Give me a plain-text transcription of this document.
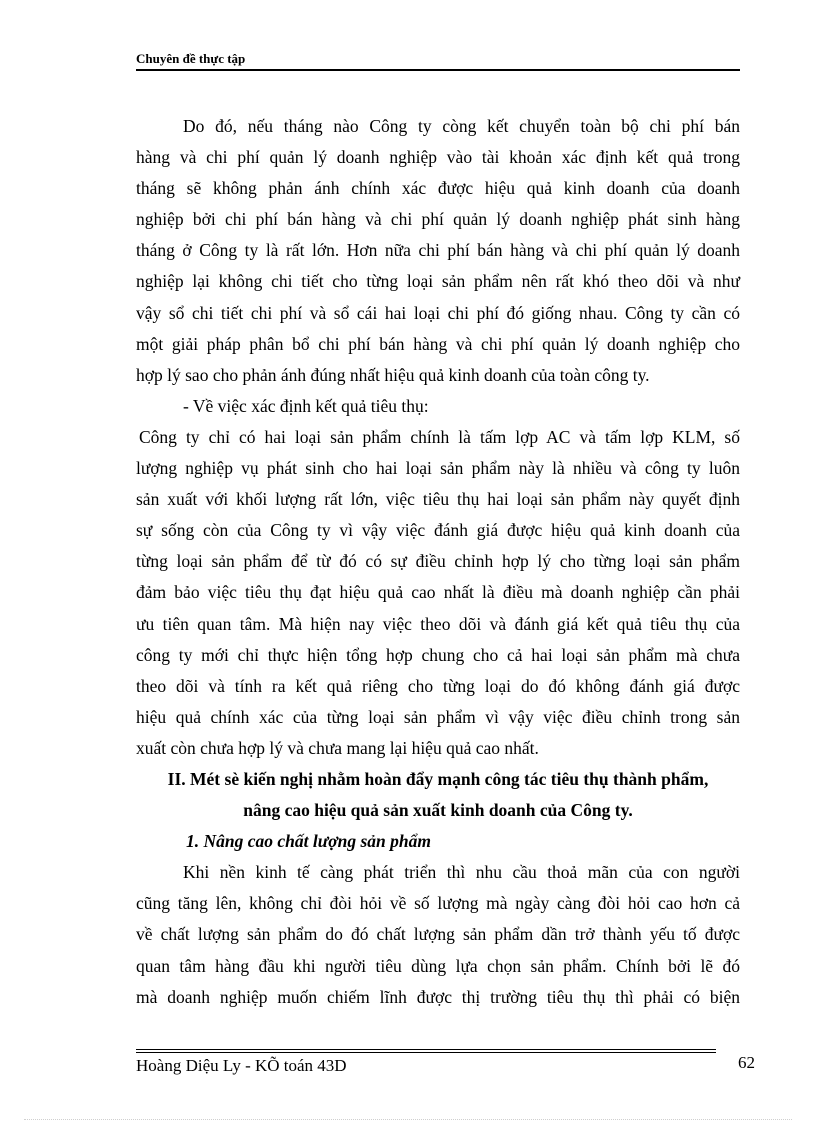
Chuyên đề thực tập
Do đó, nếu tháng nào Công ty còng kết chuyển toàn bộ chi phí bán
hàng và chi phí quản lý doanh nghiệp vào tài khoản xác định kết quả trong
tháng sẽ không phản ánh chính xác được hiệu quả kinh doanh của doanh
nghiệp bởi chi phí bán hàng và chi phí quản lý doanh nghiệp phát sinh hàng
tháng ở Công ty là rất lớn. Hơn nữa chi phí bán hàng và chi phí quản lý doanh
nghiệp lại không chi tiết cho từng loại sản phẩm nên rất khó theo dõi và như
vậy sổ chi tiết chi phí và sổ cái hai loại chi phí đó giống nhau. Công ty cần có
một giải pháp phân bổ chi phí bán hàng và chi phí quản lý doanh nghiệp cho
hợp lý sao cho phản ánh đúng nhất hiệu quả kinh doanh của toàn công ty.
- Về việc xác định kết quả tiêu thụ:
Công ty chỉ có hai loại sản phẩm chính là tấm lợp AC và tấm lợp KLM, số
lượng nghiệp vụ phát sinh cho hai loại sản phẩm này là nhiều và công ty luôn
sản xuất với khối lượng rất lớn, việc tiêu thụ hai loại sản phẩm này quyết định
sự sống còn của Công ty vì vậy việc đánh giá được hiệu quả kinh doanh của
từng loại sản phẩm để từ đó có sự điều chỉnh hợp lý cho từng loại sản phẩm
đảm bảo việc tiêu thụ đạt hiệu quả cao nhất là điều mà doanh nghiệp cần phải
ưu tiên quan tâm. Mà hiện nay việc theo dõi và đánh giá kết quả tiêu thụ của
công ty mới chỉ thực hiện tổng hợp chung cho cả hai loại sản phẩm mà chưa
theo dõi và tính ra kết quả riêng cho từng loại do đó không đánh giá được
hiệu quả chính xác của từng loại sản phẩm vì vậy việc điều chỉnh trong sản
xuất còn chưa hợp lý và chưa mang lại hiệu quả cao nhất.
II. Mét sè kiến nghị nhằm hoàn đẩy mạnh công tác tiêu thụ thành phẩm,
nâng cao hiệu quả sản xuất kinh doanh của Công ty.
1. Nâng cao chất lượng sản phẩm
Khi nền kinh tế càng phát triển thì nhu cầu thoả mãn của con người
cũng tăng lên, không chỉ đòi hỏi về số lượng mà ngày càng đòi hỏi cao hơn cả
về chất lượng sản phẩm do đó chất lượng sản phẩm dần trở thành yếu tố được
quan tâm hàng đầu khi người tiêu dùng lựa chọn sản phẩm. Chính bởi lẽ đó
mà doanh nghiệp muốn chiếm lĩnh được thị trường tiêu thụ thì phải có biện
Hoàng Diệu Ly - KÕ toán 43D	62
